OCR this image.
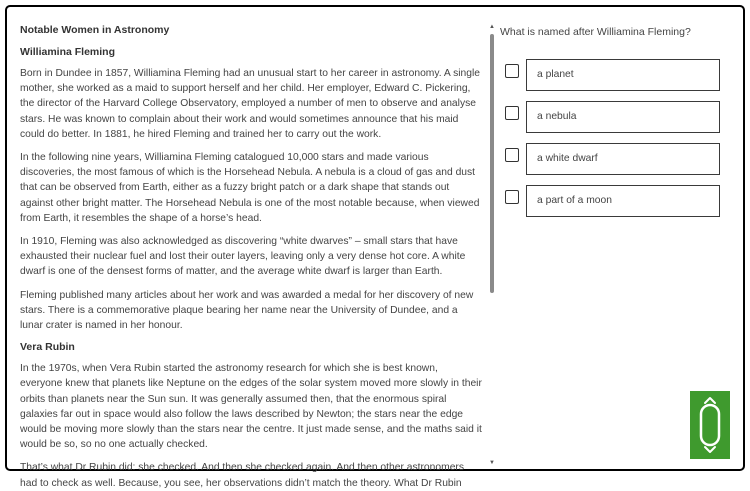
Notable Women in Astronomy
Williamina Fleming

Born in Dundee in 1857, Williamina Fleming had an unusual start to her career in astronomy. A single mother, she worked as a maid to support herself and her child. Her employer, Edward C. Pickering, the director of the Harvard College Observatory, employed a number of men to observe and analyse stars. He was known to complain about their work and would sometimes announce that his maid could do better. In 1881, he hired Fleming and trained her to carry out the work.

In the following nine years, Williamina Fleming catalogued 10,000 stars and made various discoveries, the most famous of which is the Horsehead Nebula. A nebula is a cloud of gas and dust that can be observed from Earth, either as a fuzzy bright patch or a dark shape that stands out against other bright matter. The Horsehead Nebula is one of the most notable because, when viewed from Earth, it resembles the shape of a horse’s head.

In 1910, Fleming was also acknowledged as discovering “white dwarves” – small stars that have exhausted their nuclear fuel and lost their outer layers, leaving only a very dense hot core. A white dwarf is one of the densest forms of matter, and the average white dwarf is larger than Earth.

Fleming published many articles about her work and was awarded a medal for her discovery of new stars. There is a commemorative plaque bearing her name near the University of Dundee, and a lunar crater is named in her honour.

Vera Rubin

In the 1970s, when Vera Rubin started the astronomy research for which she is best known, everyone knew that planets like Neptune on the edges of the solar system moved more slowly in their orbits than planets near the Sun sun. It was generally assumed then, that the enormous spiral galaxies far out in space would also follow the laws described by Newton; the stars near the edge would be moving more slowly than the stars near the centre. It just made sense, and the maths said it would be so, so no one actually checked.

That’s what Dr Rubin did: she checked. And then she checked again. And then other astronomers had to check as well. Because, you see, her observations didn’t match the theory. What Dr Rubin

▲
▼
What is named after Williamina Fleming?
a planet
a nebula
a white dwarf
a part of a moon
